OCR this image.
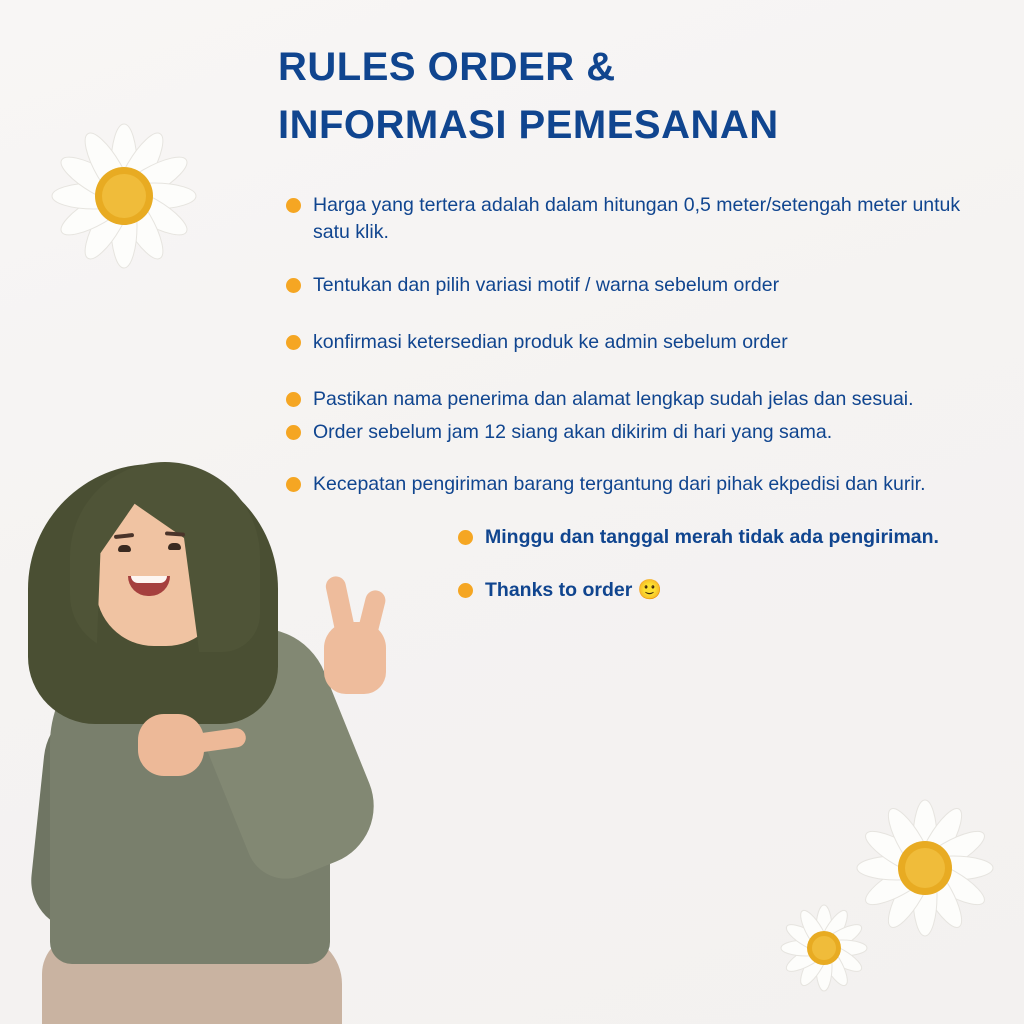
RULES ORDER &
INFORMASI PEMESANAN
Harga yang tertera adalah dalam hitungan 0,5 meter/setengah meter untuk satu klik.
Tentukan dan pilih variasi motif / warna sebelum order
konfirmasi ketersedian produk ke admin sebelum order
Pastikan nama penerima dan alamat lengkap sudah jelas dan sesuai.
Order sebelum jam 12 siang akan dikirim di hari yang sama.
Kecepatan pengiriman barang tergantung dari pihak ekpedisi dan kurir.
Minggu dan tanggal merah tidak ada pengiriman.
Thanks to order 🙂
